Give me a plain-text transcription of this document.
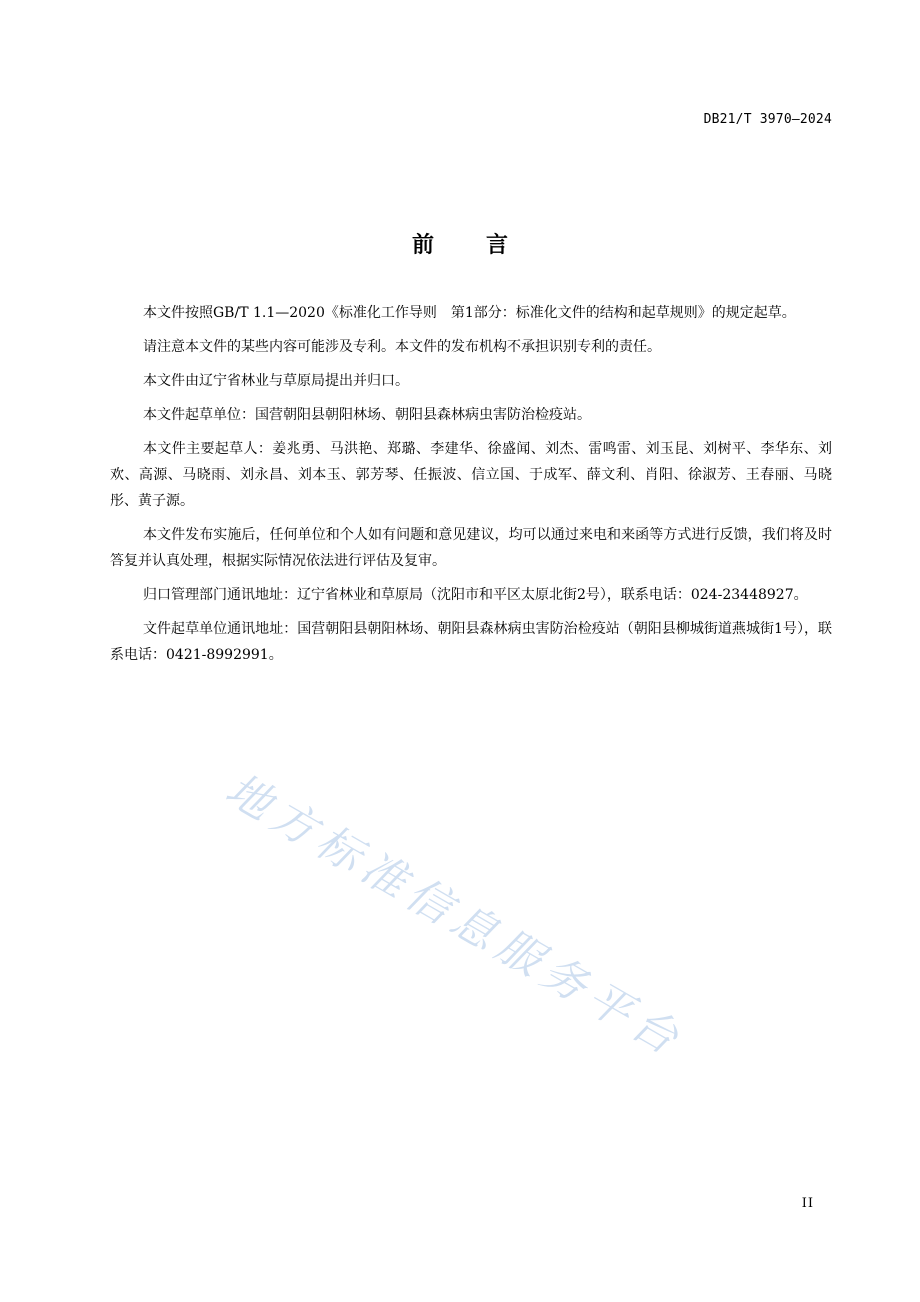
DB21/T 3970—2024
前 言

本文件按照GB/T 1.1—2020《标准化工作导则　第1部分：标准化文件的结构和起草规则》的规定起草。

请注意本文件的某些内容可能涉及专利。本文件的发布机构不承担识别专利的责任。

本文件由辽宁省林业与草原局提出并归口。

本文件起草单位：国营朝阳县朝阳林场、朝阳县森林病虫害防治检疫站。

本文件主要起草人：姜兆勇、马洪艳、郑璐、李建华、徐盛闻、刘杰、雷鸣雷、刘玉昆、刘树平、李华东、刘欢、高源、马晓雨、刘永昌、刘本玉、郭芳琴、任振波、信立国、于成军、薛文利、肖阳、徐淑芳、王春丽、马晓彤、黄子源。

本文件发布实施后，任何单位和个人如有问题和意见建议，均可以通过来电和来函等方式进行反馈，我们将及时答复并认真处理，根据实际情况依法进行评估及复审。

归口管理部门通讯地址：辽宁省林业和草原局（沈阳市和平区太原北街2号），联系电话：024-23448927。

文件起草单位通讯地址：国营朝阳县朝阳林场、朝阳县森林病虫害防治检疫站（朝阳县柳城街道燕城街1号），联系电话：0421-8992991。

地方标准信息服务平台
II
